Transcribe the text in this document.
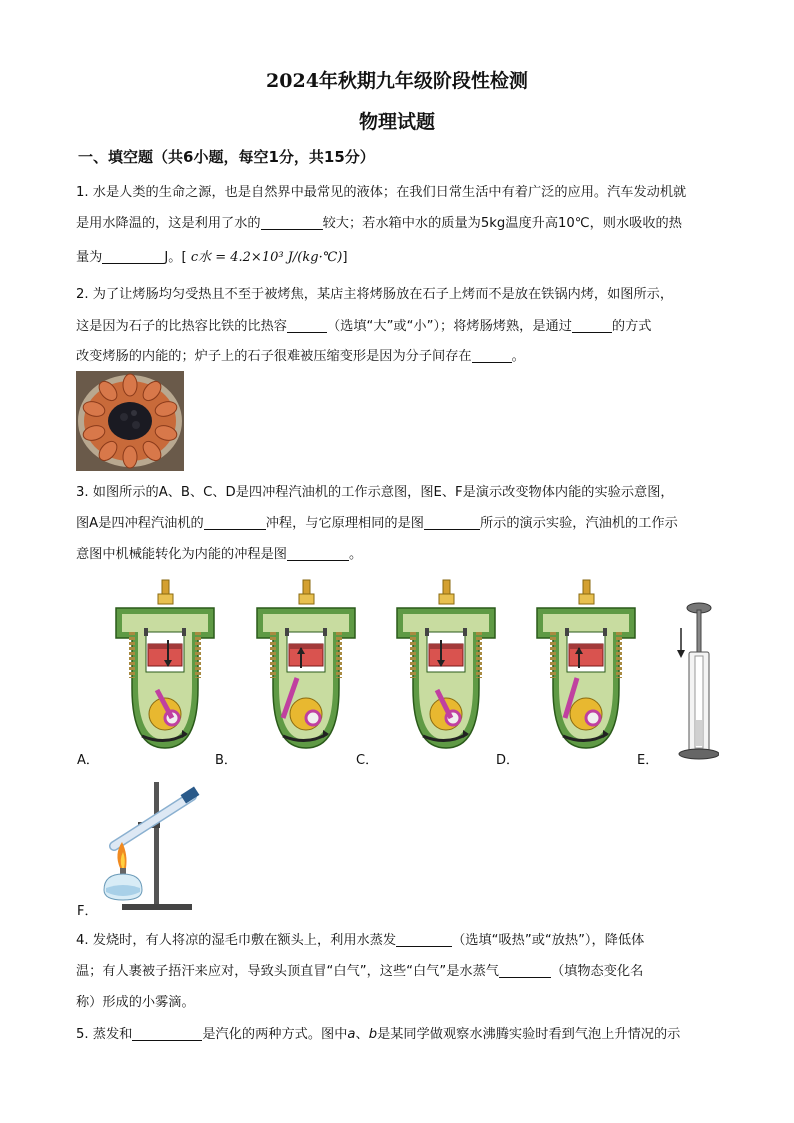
2024年秋期九年级阶段性检测
物理试题
一、填空题（共6小题，每空1分，共15分）
1. 水是人类的生命之源，也是自然界中最常见的液体；在我们日常生活中有着广泛的应用。汽车发动机就
是用水降温的，这是利用了水的	较大；若水箱中水的质量为5kg温度升高10℃，则水吸收的热
量为	J。[ c水 = 4.2×10³ J/(kg·℃)]
2. 为了让烤肠均匀受热且不至于被烤焦，某店主将烤肠放在石子上烤而不是放在铁锅内烤，如图所示，
这是因为石子的比热容比铁的比热容	（选填“大”或“小”）；将烤肠烤熟，是通过	的方式
改变烤肠的内能的；炉子上的石子很难被压缩变形是因为分子间存在	。
3. 如图所示的A、B、C、D是四冲程汽油机的工作示意图，图E、F是演示改变物体内能的实验示意图，
图A是四冲程汽油机的	冲程，与它原理相同的是图	所示的演示实验，汽油机的工作示
意图中机械能转化为内能的冲程是图	。
A．	B．	C．	D．	E．
F．
4. 发烧时，有人将凉的湿毛巾敷在额头上，利用水蒸发	（选填“吸热”或“放热”），降低体
温；有人裹被子捂汗来应对，导致头顶直冒“白气”，这些“白气”是水蒸气	（填物态变化名
称）形成的小雾滴。
5. 蒸发和	是汽化的两种方式。图中a、b是某同学做观察水沸腾实验时看到气泡上升情况的示
